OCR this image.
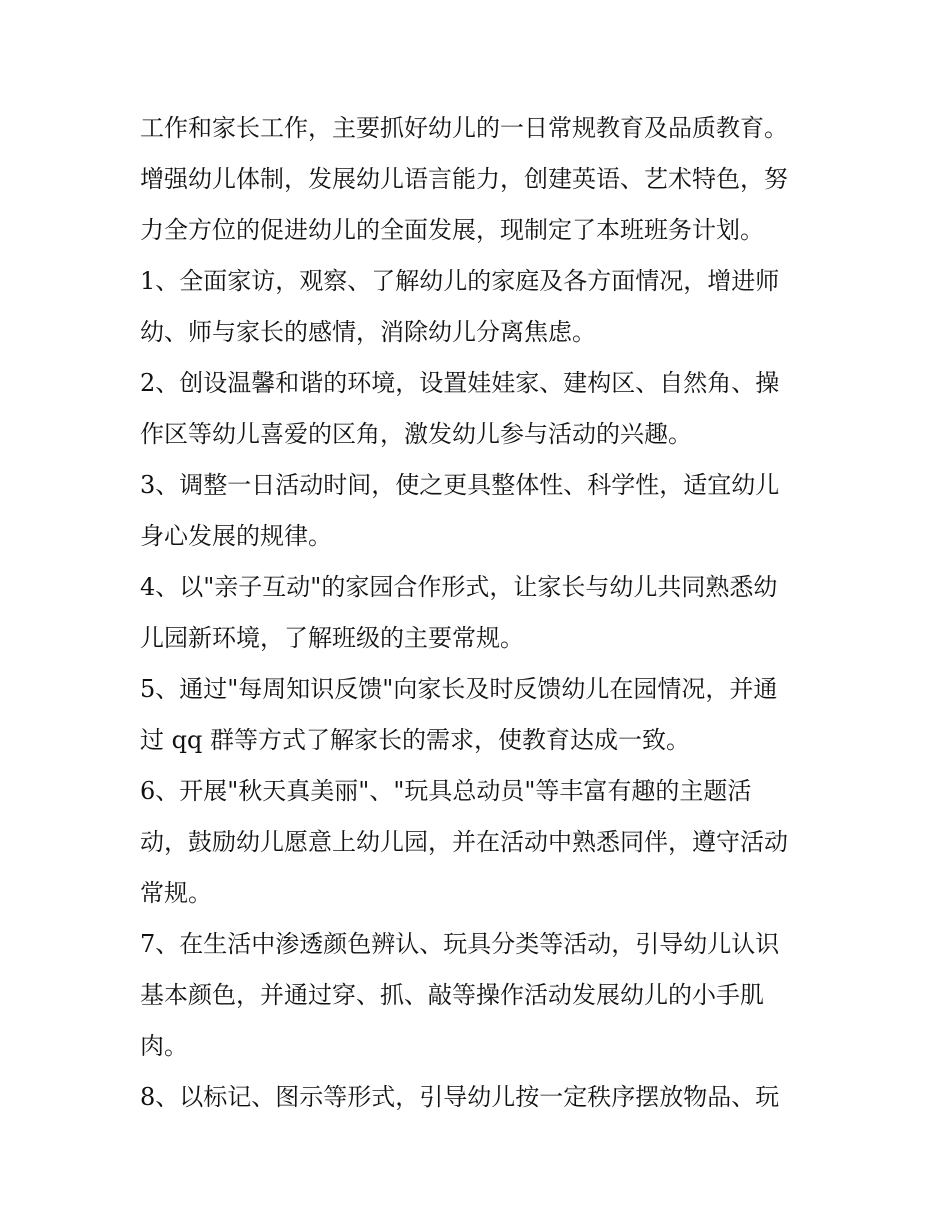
工作和家长工作，主要抓好幼儿的一日常规教育及品质教育。
增强幼儿体制，发展幼儿语言能力，创建英语、艺术特色，努
力全方位的促进幼儿的全面发展，现制定了本班班务计划。
1、全面家访，观察、了解幼儿的家庭及各方面情况，增进师
幼、师与家长的感情，消除幼儿分离焦虑。
2、创设温馨和谐的环境，设置娃娃家、建构区、自然角、操
作区等幼儿喜爱的区角，激发幼儿参与活动的兴趣。
3、调整一日活动时间，使之更具整体性、科学性，适宜幼儿
身心发展的规律。
4、以"亲子互动"的家园合作形式，让家长与幼儿共同熟悉幼
儿园新环境，了解班级的主要常规。
5、通过"每周知识反馈"向家长及时反馈幼儿在园情况，并通
过 qq 群等方式了解家长的需求，使教育达成一致。
6、开展"秋天真美丽"、"玩具总动员"等丰富有趣的主题活
动，鼓励幼儿愿意上幼儿园，并在活动中熟悉同伴，遵守活动
常规。
7、在生活中渗透颜色辨认、玩具分类等活动，引导幼儿认识
基本颜色，并通过穿、抓、敲等操作活动发展幼儿的小手肌
肉。
8、以标记、图示等形式，引导幼儿按一定秩序摆放物品、玩
